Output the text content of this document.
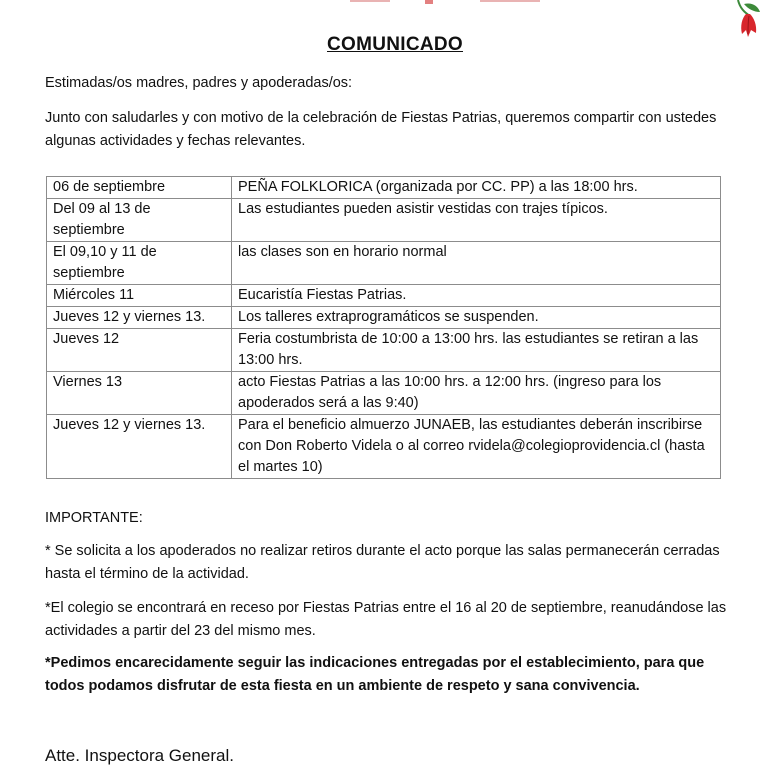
COMUNICADO
Estimadas/os madres, padres y apoderadas/os:
Junto con saludarles y con motivo de la celebración de Fiestas Patrias, queremos compartir con ustedes algunas actividades y fechas relevantes.
06 de septiembre	PEÑA FOLKLORICA (organizada por CC. PP) a las 18:00 hrs.
Del 09 al 13 de septiembre	Las estudiantes pueden asistir vestidas con trajes típicos.
El 09,10 y 11 de septiembre	las clases son en horario normal
Miércoles 11	Eucaristía Fiestas Patrias.
Jueves 12 y viernes 13.	Los talleres extraprogramáticos se suspenden.
Jueves 12	Feria costumbrista de 10:00 a 13:00 hrs. las estudiantes se retiran a las 13:00 hrs.
Viernes 13	acto Fiestas Patrias a las 10:00 hrs. a 12:00 hrs. (ingreso para los apoderados será a las 9:40)
Jueves 12 y viernes 13.	Para el beneficio almuerzo JUNAEB, las estudiantes deberán inscribirse con Don Roberto Videla o al correo rvidela@colegioprovidencia.cl (hasta el martes 10)
IMPORTANTE:
* Se solicita a los apoderados no realizar retiros durante el acto porque las salas permanecerán cerradas hasta el término de la actividad.
*El colegio se encontrará en receso por Fiestas Patrias entre el 16 al 20 de septiembre, reanudándose las actividades a partir del 23 del mismo mes.
*Pedimos encarecidamente seguir las indicaciones entregadas por el establecimiento, para que todos podamos disfrutar de esta fiesta en un ambiente de respeto y sana convivencia.
Atte. Inspectora General.
